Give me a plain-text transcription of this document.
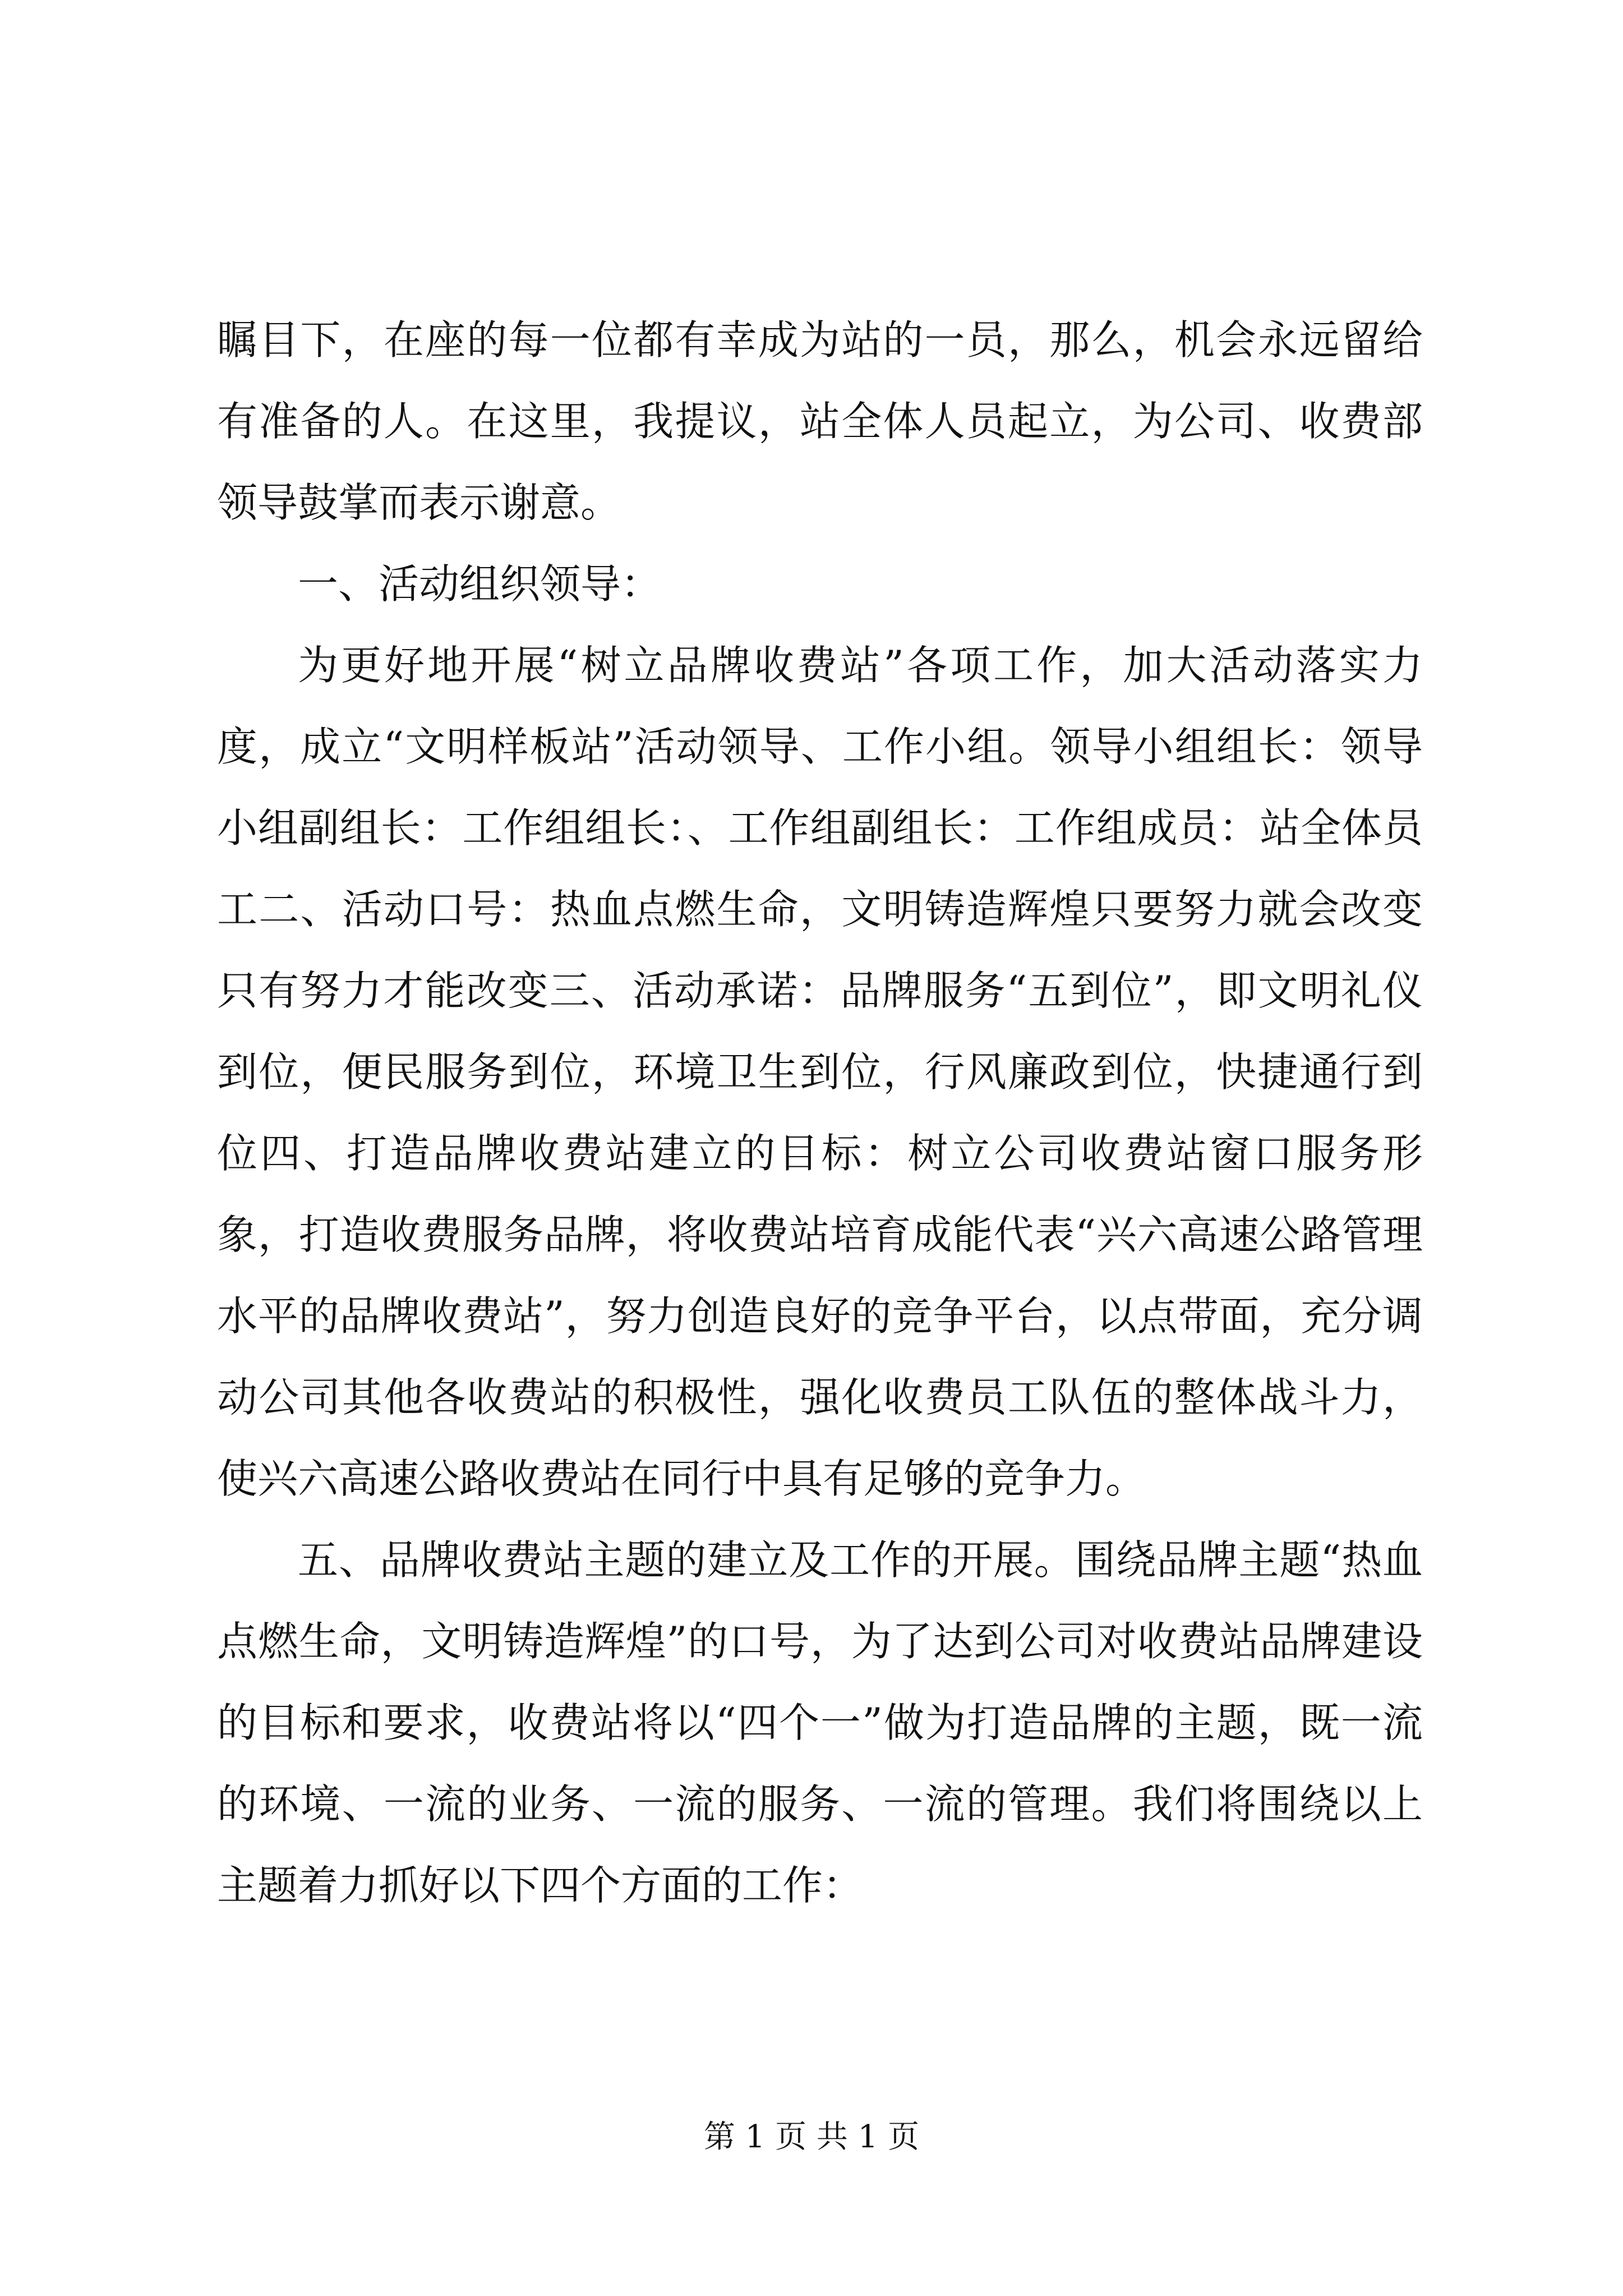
瞩目下，在座的每一位都有幸成为站的一员，那么，机会永远留给有准备的人。在这里，我提议，站全体人员起立，为公司、收费部领导鼓掌而表示谢意。

一、活动组织领导：

为更好地开展“树立品牌收费站”各项工作，加大活动落实力度，成立“文明样板站”活动领导、工作小组。领导小组组长：领导小组副组长：工作组组长：、工作组副组长：工作组成员：站全体员工二、活动口号：热血点燃生命，文明铸造辉煌只要努力就会改变只有努力才能改变三、活动承诺：品牌服务“五到位”，即文明礼仪到位，便民服务到位，环境卫生到位，行风廉政到位，快捷通行到位四、打造品牌收费站建立的目标：树立公司收费站窗口服务形象，打造收费服务品牌，将收费站培育成能代表“兴六高速公路管理水平的品牌收费站”，努力创造良好的竞争平台，以点带面，充分调动公司其他各收费站的积极性，强化收费员工队伍的整体战斗力，使兴六高速公路收费站在同行中具有足够的竞争力。

五、品牌收费站主题的建立及工作的开展。围绕品牌主题“热血点燃生命，文明铸造辉煌”的口号，为了达到公司对收费站品牌建设的目标和要求，收费站将以“四个一”做为打造品牌的主题，既一流的环境、一流的业务、一流的服务、一流的管理。我们将围绕以上主题着力抓好以下四个方面的工作：

第 1 页 共 1 页
